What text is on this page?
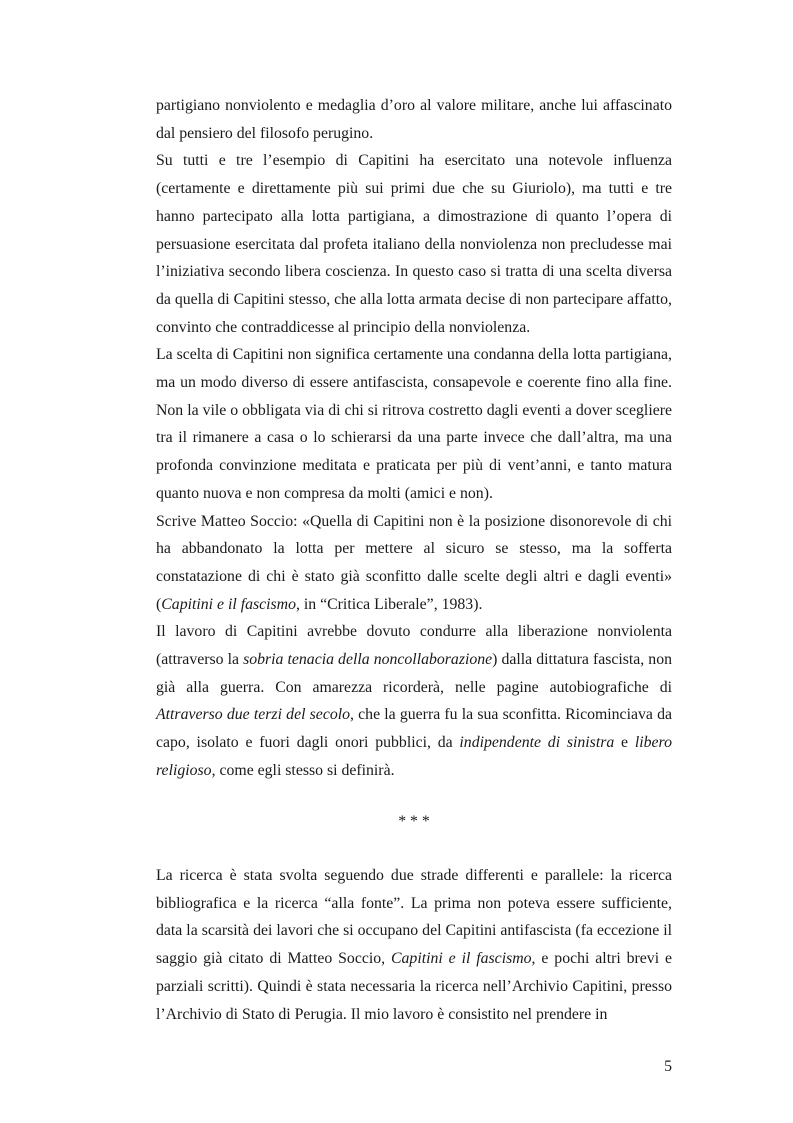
partigiano nonviolento e medaglia d’oro al valore militare, anche lui affascinato dal pensiero del filosofo perugino.

Su tutti e tre l’esempio di Capitini ha esercitato una notevole influenza (certamente e direttamente più sui primi due che su Giuriolo), ma tutti e tre hanno partecipato alla lotta partigiana, a dimostrazione di quanto l’opera di persuasione esercitata dal profeta italiano della nonviolenza non precludesse mai l’iniziativa secondo libera coscienza. In questo caso si tratta di una scelta diversa da quella di Capitini stesso, che alla lotta armata decise di non partecipare affatto, convinto che contraddicesse al principio della nonviolenza.

La scelta di Capitini non significa certamente una condanna della lotta partigiana, ma un modo diverso di essere antifascista, consapevole e coerente fino alla fine. Non la vile o obbligata via di chi si ritrova costretto dagli eventi a dover scegliere tra il rimanere a casa o lo schierarsi da una parte invece che dall’altra, ma una profonda convinzione meditata e praticata per più di vent’anni, e tanto matura quanto nuova e non compresa da molti (amici e non).

Scrive Matteo Soccio: «Quella di Capitini non è la posizione disonorevole di chi ha abbandonato la lotta per mettere al sicuro se stesso, ma la sofferta constatazione di chi è stato già sconfitto dalle scelte degli altri e dagli eventi» (Capitini e il fascismo, in “Critica Liberale”, 1983).

Il lavoro di Capitini avrebbe dovuto condurre alla liberazione nonviolenta (attraverso la sobria tenacia della noncollaborazione) dalla dittatura fascista, non già alla guerra. Con amarezza ricorderà, nelle pagine autobiografiche di Attraverso due terzi del secolo, che la guerra fu la sua sconfitta. Ricominciava da capo, isolato e fuori dagli onori pubblici, da indipendente di sinistra e libero religioso, come egli stesso si definirà.

* * *

La ricerca è stata svolta seguendo due strade differenti e parallele: la ricerca bibliografica e la ricerca “alla fonte”. La prima non poteva essere sufficiente, data la scarsità dei lavori che si occupano del Capitini antifascista (fa eccezione il saggio già citato di Matteo Soccio, Capitini e il fascismo, e pochi altri brevi e parziali scritti). Quindi è stata necessaria la ricerca nell’Archivio Capitini, presso l’Archivio di Stato di Perugia. Il mio lavoro è consistito nel prendere in

5
